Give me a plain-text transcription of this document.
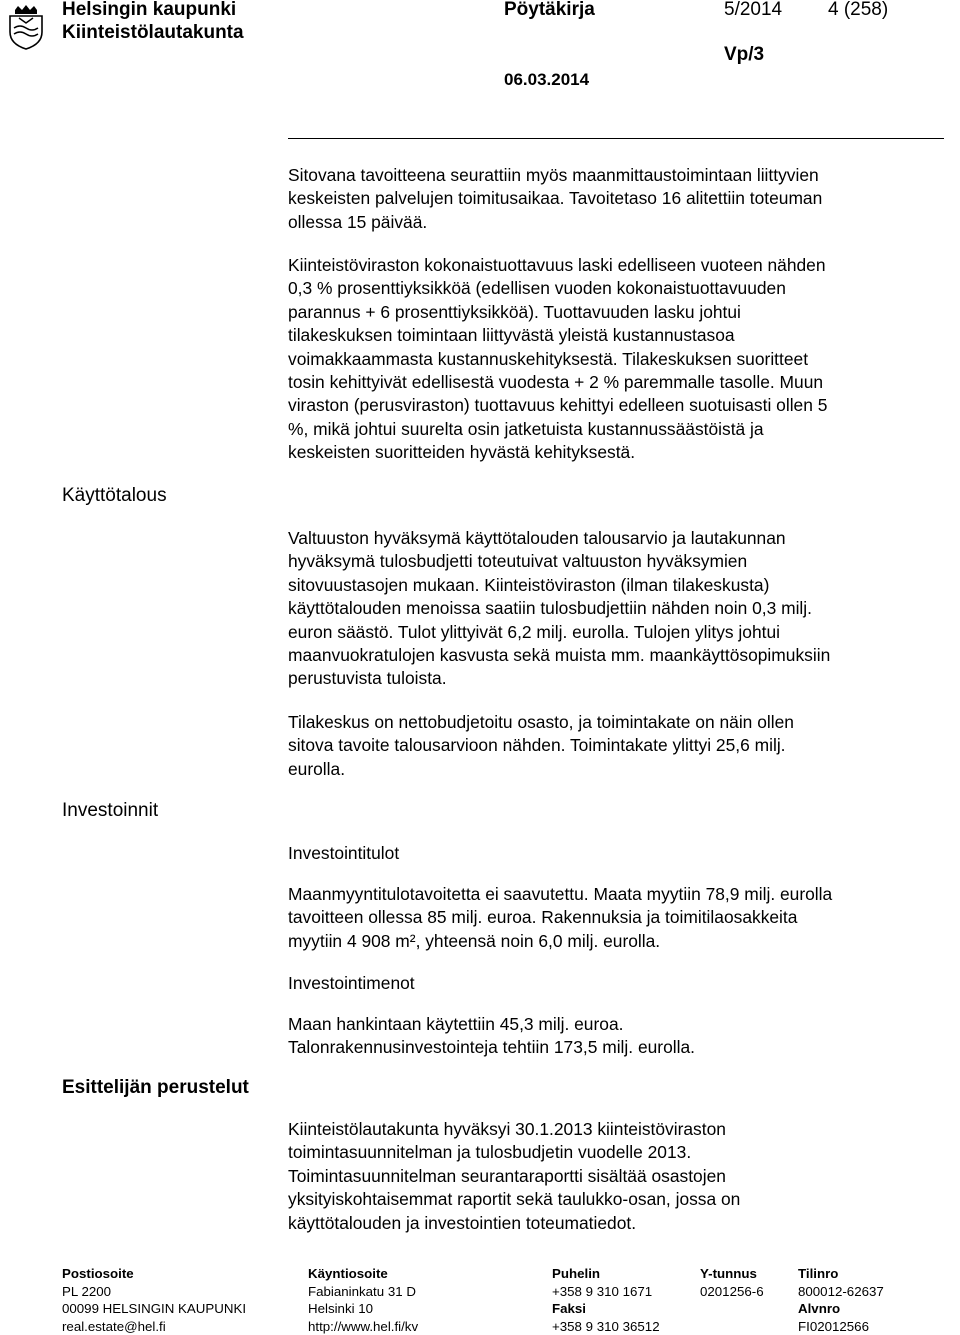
Helsingin kaupunki
Kiinteistölautakunta
Pöytäkirja	5/2014 4 (258)
Vp/3
06.03.2014
Käyttötalous
Investoinnit
Esittelijän perustelut
Sitovana tavoitteena seurattiin myös maanmittaustoimintaan liittyvien
keskeisten palvelujen toimitusaikaa. Tavoitetaso 16 alitettiin toteuman
ollessa 15 päivää.
Kiinteistöviraston kokonaistuottavuus laski edelliseen vuoteen nähden
0,3 % prosenttiyksikköä (edellisen vuoden kokonaistuottavuuden
parannus + 6 prosenttiyksikköä). Tuottavuuden lasku johtui
tilakeskuksen toimintaan liittyvästä yleistä kustannustasoa
voimakkaammasta kustannuskehityksestä. Tilakeskuksen suoritteet
tosin kehittyivät edellisestä vuodesta + 2 % paremmalle tasolle. Muun
viraston (perusviraston) tuottavuus kehittyi edelleen suotuisasti ollen 5
%, mikä johtui suurelta osin jatketuista kustannussäästöistä ja
keskeisten suoritteiden hyvästä kehityksestä.
Valtuuston hyväksymä käyttötalouden talousarvio ja lautakunnan
hyväksymä tulosbudjetti toteutuivat valtuuston hyväksymien
sitovuustasojen mukaan. Kiinteistöviraston (ilman tilakeskusta)
käyttötalouden menoissa saatiin tulosbudjettiin nähden noin 0,3 milj.
euron säästö. Tulot ylittyivät 6,2 milj. eurolla. Tulojen ylitys johtui
maanvuokratulojen kasvusta sekä muista mm. maankäyttösopimuksiin
perustuvista tuloista.
Tilakeskus on nettobudjetoitu osasto, ja toimintakate on näin ollen
sitova tavoite talousarvioon nähden. Toimintakate ylittyi 25,6 milj.
eurolla.
Investointitulot
Maanmyyntitulotavoitetta ei saavutettu. Maata myytiin 78,9 milj. eurolla
tavoitteen ollessa 85 milj. euroa. Rakennuksia ja toimitilaosakkeita
myytiin 4 908 m², yhteensä noin 6,0 milj. eurolla.
Investointimenot
Maan hankintaan käytettiin 45,3 milj. euroa.
Talonrakennusinvestointeja tehtiin 173,5 milj. eurolla.
Kiinteistölautakunta hyväksyi 30.1.2013 kiinteistöviraston
toimintasuunnitelman ja tulosbudjetin vuodelle 2013.
Toimintasuunnitelman seurantaraportti sisältää osastojen
yksityiskohtaisemmat raportit sekä taulukko-osan, jossa on
käyttötalouden ja investointien toteumatiedot.
Postiosoite
PL 2200
00099 HELSINGIN KAUPUNKI
real.estate@hel.fi
Käyntiosoite
Fabianinkatu 31 D
Helsinki 10
http://www.hel.fi/kv
Puhelin
+358 9 310 1671
Faksi
+358 9 310 36512
Y-tunnus
0201256-6
Tilinro
800012-62637
Alvnro
FI02012566
